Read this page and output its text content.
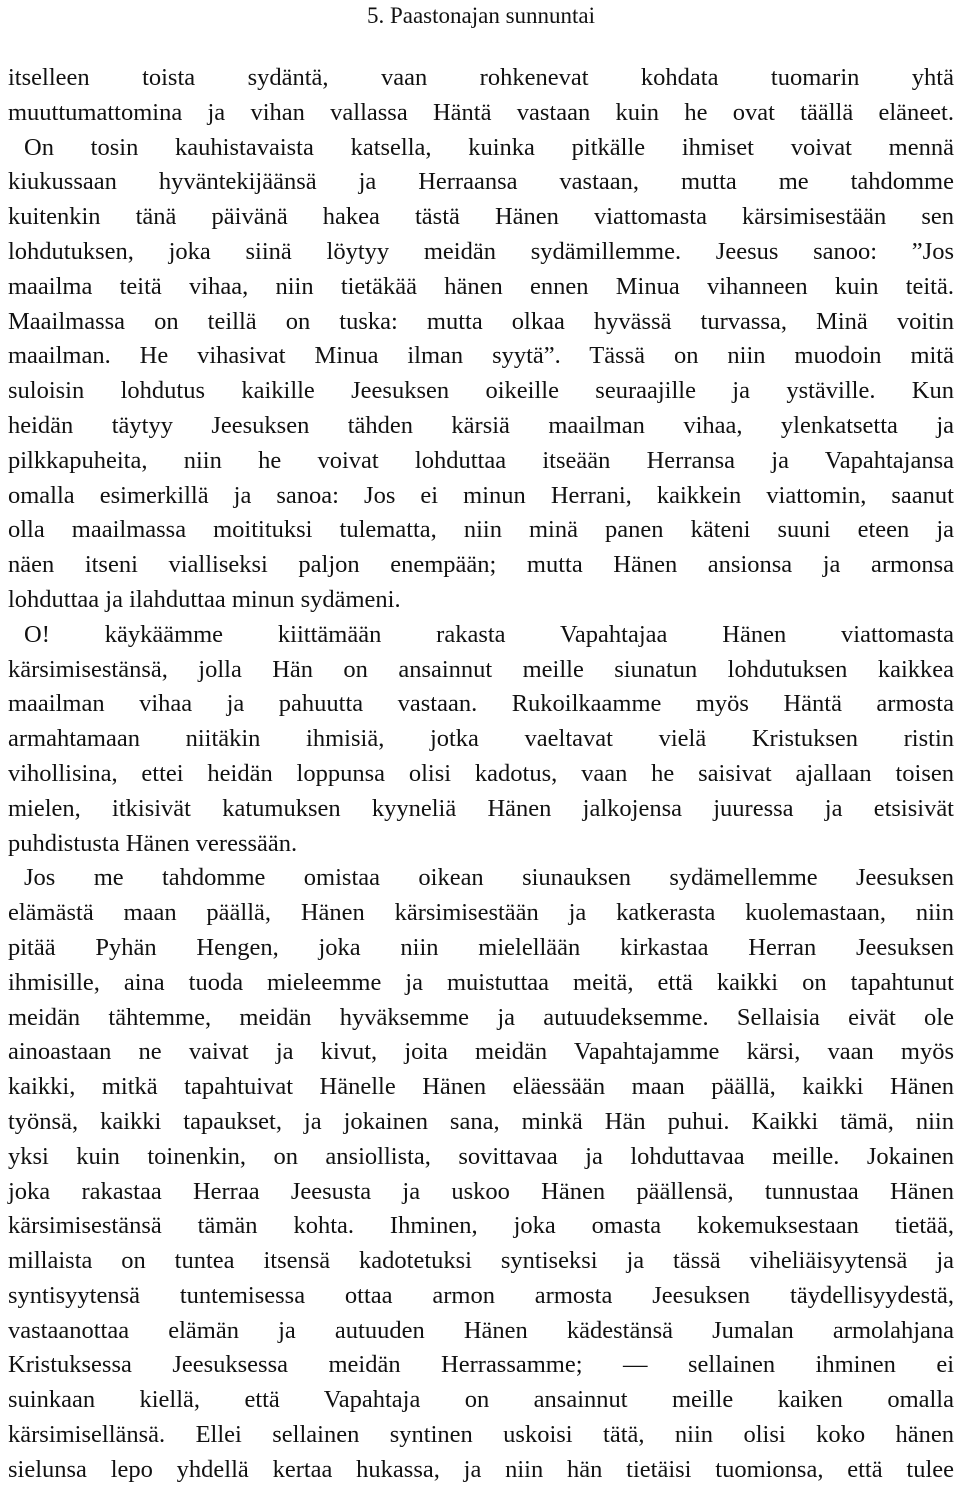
5. Paastonajan sunnuntai
itselleen toista sydäntä, vaan rohkenevat kohdata tuomarin yhtä
muuttumattomina ja vihan vallassa Häntä vastaan kuin he ovat täällä eläneet.
On tosin kauhistavaista katsella, kuinka pitkälle ihmiset voivat mennä
kiukussaan hyväntekijäänsä ja Herraansa vastaan, mutta me tahdomme
kuitenkin tänä päivänä hakea tästä Hänen viattomasta kärsimisestään sen
lohdutuksen, joka siinä löytyy meidän sydämillemme. Jeesus sanoo: ”Jos
maailma teitä vihaa, niin tietäkää hänen ennen Minua vihanneen kuin teitä.
Maailmassa on teillä on tuska: mutta olkaa hyvässä turvassa, Minä voitin
maailman. He vihasivat Minua ilman syytä”. Tässä on niin muodoin mitä
suloisin lohdutus kaikille Jeesuksen oikeille seuraajille ja ystäville. Kun
heidän täytyy Jeesuksen tähden kärsiä maailman vihaa, ylenkatsetta ja
pilkkapuheita, niin he voivat lohduttaa itseään Herransa ja Vapahtajansa
omalla esimerkillä ja sanoa: Jos ei minun Herrani, kaikkein viattomin, saanut
olla maailmassa moitituksi tulematta, niin minä panen käteni suuni eteen ja
näen itseni vialliseksi paljon enempään; mutta Hänen ansionsa ja armonsa
lohduttaa ja ilahduttaa minun sydämeni.
O! käykäämme kiittämään rakasta Vapahtajaa Hänen viattomasta
kärsimisestänsä, jolla Hän on ansainnut meille siunatun lohdutuksen kaikkea
maailman vihaa ja pahuutta vastaan. Rukoilkaamme myös Häntä armosta
armahtamaan niitäkin ihmisiä, jotka vaeltavat vielä Kristuksen ristin
vihollisina, ettei heidän loppunsa olisi kadotus, vaan he saisivat ajallaan toisen
mielen, itkisivät katumuksen kyyneliä Hänen jalkojensa juuressa ja etsisivät
puhdistusta Hänen veressään.
Jos me tahdomme omistaa oikean siunauksen sydämellemme Jeesuksen
elämästä maan päällä, Hänen kärsimisestään ja katkerasta kuolemastaan, niin
pitää Pyhän Hengen, joka niin mielellään kirkastaa Herran Jeesuksen
ihmisille, aina tuoda mieleemme ja muistuttaa meitä, että kaikki on tapahtunut
meidän tähtemme, meidän hyväksemme ja autuudeksemme. Sellaisia eivät ole
ainoastaan ne vaivat ja kivut, joita meidän Vapahtajamme kärsi, vaan myös
kaikki, mitkä tapahtuivat Hänelle Hänen eläessään maan päällä, kaikki Hänen
työnsä, kaikki tapaukset, ja jokainen sana, minkä Hän puhui. Kaikki tämä, niin
yksi kuin toinenkin, on ansiollista, sovittavaa ja lohduttavaa meille. Jokainen
joka rakastaa Herraa Jeesusta ja uskoo Hänen päällensä, tunnustaa Hänen
kärsimisestänsä tämän kohta. Ihminen, joka omasta kokemuksestaan tietää,
millaista on tuntea itsensä kadotetuksi syntiseksi ja tässä viheliäisyytensä ja
syntisyytensä tuntemisessa ottaa armon armosta Jeesuksen täydellisyydestä,
vastaanottaa elämän ja autuuden Hänen kädestänsä Jumalan armolahjana
Kristuksessa Jeesuksessa meidän Herrassamme; — sellainen ihminen ei
suinkaan kiellä, että Vapahtaja on ansainnut meille kaiken omalla
kärsimisellänsä. Ellei sellainen syntinen uskoisi tätä, niin olisi koko hänen
sielunsa lepo yhdellä kertaa hukassa, ja niin hän tietäisi tuomionsa, että tulee
